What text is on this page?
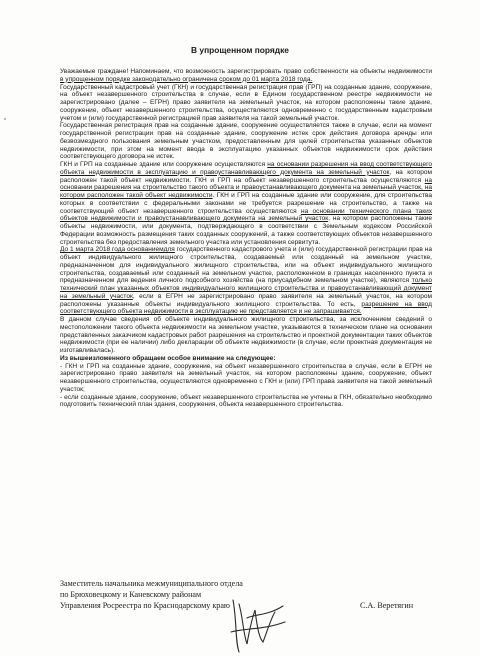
В упрощенном порядке

Уважаемые граждане! Напоминаем, что возможность зарегистрировать право собственности на объекты недвижимости в упрощенном порядке законодательно ограничена сроком до 01 марта 2018 года.

Государственный кадастровый учет (ГКН) и государственная регистрация прав (ГРП) на созданные здание, сооружение, на объект незавершенного строительства в случае, если в Едином государственном реестре недвижимости не зарегистрировано (далее – ЕГРН) право заявителя на земельный участок, на котором расположены такие здание, сооружение, объект незавершенного строительства, осуществляются одновременно с государственным кадастровым учетом и (или) государственной регистрацией прав заявителя на такой земельный участок.

Государственная регистрация прав на созданные здание, сооружение осуществляется также в случае, если на момент государственной регистрации прав на созданные здание, сооружение истек срок действия договора аренды или безвозмездного пользования земельным участком, предоставленным для целей строительства указанных объектов недвижимости, при этом на момент ввода в эксплуатацию указанных объектов недвижимости срок действия соответствующего договора не истек.

ГКН и ГРП на созданные здание или сооружение осуществляются на основании разрешения на ввод соответствующего объекта недвижимости в эксплуатацию и правоустанавливающего документа на земельный участок, на котором расположен такой объект недвижимости. ГКН и ГРП на объект незавершенного строительства осуществляются на основании разрешения на строительство такого объекта и правоустанавливающего документа на земельный участок, на котором расположен такой объект недвижимости. ГКН и ГРП на созданные здание или сооружение, для строительства которых в соответствии с федеральными законами не требуется разрешение на строительство, а также на соответствующий объект незавершенного строительства осуществляются на основании технического плана таких объектов недвижимости и правоустанавливающего документа на земельный участок, на котором расположены такие объекты недвижимости, или документа, подтверждающего в соответствии с Земельным кодексом Российской Федерации возможность размещения таких созданных сооружений, а также соответствующих объектов незавершенного строительства без предоставления земельного участка или установления сервитута.

До 1 марта 2018 года основаниемдля государственного кадастрового учета и (или) государственной регистрации прав на объект индивидуального жилищного строительства, создаваемый или созданный на земельном участке, предназначенном для индивидуального жилищного строительства, или на объект индивидуального жилищного строительства, создаваемый или созданный на земельном участке, расположенном в границах населенного пункта и предназначенном для ведения личного подсобного хозяйства (на приусадебном земельном участке), являются только технический план указанных объектов индивидуального жилищного строительства и правоустанавливающий документ на земельный участок, если в ЕГРН не зарегистрировано право заявителя на земельный участок, на котором расположены указанные объекты индивидуального жилищного строительства. То есть, разрешение на ввод соответствующего объекта недвижимости в эксплуатацию не представляется и не запрашивается.

В данном случае сведения об объекте индивидуального жилищного строительства, за исключением сведений о местоположении такого объекта недвижимости на земельном участке, указываются в техническом плане на основании представленных заказчиком кадастровых работ разрешения на строительство и проектной документации таких объектов недвижимости (при ее наличии) либо декларации об объекте недвижимости (в случае, если проектная документация не изготавливалась).

Из вышеизложенного обращаем особое внимание на следующее:

- ГКН и ГРП на созданные здание, сооружение, на объект незавершенного строительства в случае, если в ЕГРН не зарегистрировано право заявителя на земельный участок, на котором расположены здание, сооружение, объект незавершенного строительства, осуществляются одновременно с ГКН и (или) ГРП права заявителя на такой земельный участок;

- если созданные здание, сооружение, объект незавершенного строительства не учтены в ГКН, обязательно необходимо подготовить технический план здания, сооружения, объекта незавершенного строительства.

Заместитель начальника межмуниципального отдела
по Брюховецкому и Каневскому районам
Управления Росреестра по Краснодарскому краю	С.А. Веретягин
